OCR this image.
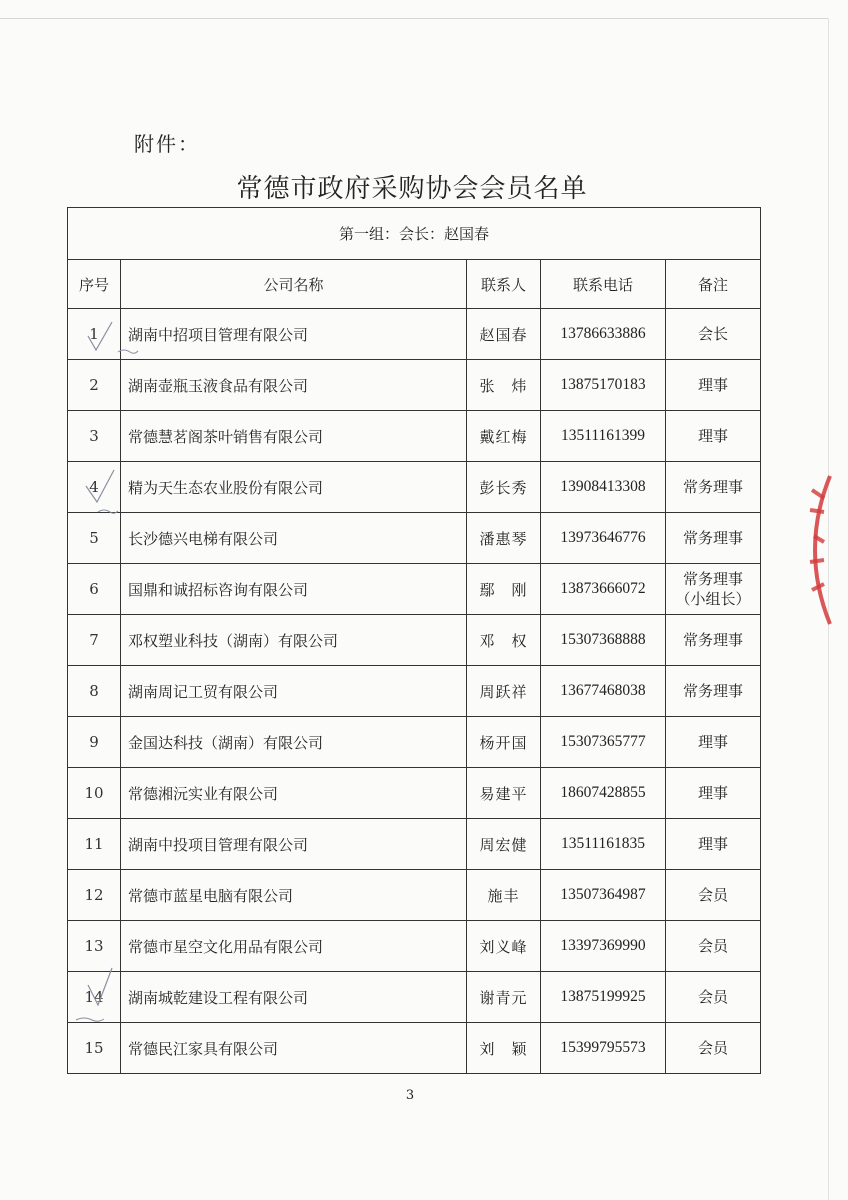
附件：
常德市政府采购协会会员名单
第一组：会长：赵国春				
序号	公司名称	联系人	联系电话	备注
1	湖南中招项目管理有限公司	赵国春	13786633886	会长

2	湖南壶瓶玉液食品有限公司	张　炜	13875170183	理事

3	常德慧茗阁茶叶销售有限公司	戴红梅	13511161399	理事

4	精为天生态农业股份有限公司	彭长秀	13908413308	常务理事

5	长沙德兴电梯有限公司	潘惠琴	13973646776	常务理事

6	国鼎和诚招标咨询有限公司	鄢　刚	13873666072	常务理事
（小组长）

7	邓权塑业科技（湖南）有限公司	邓　权	15307368888	常务理事

8	湖南周记工贸有限公司	周跃祥	13677468038	常务理事

9	金国达科技（湖南）有限公司	杨开国	15307365777	理事

10	常德湘沅实业有限公司	易建平	18607428855	理事

11	湖南中投项目管理有限公司	周宏健	13511161835	理事

12	常德市蓝星电脑有限公司	施丰	13507364987	会员

13	常德市星空文化用品有限公司	刘义峰	13397369990	会员

14	湖南城乾建设工程有限公司	谢青元	13875199925	会员

15	常德民江家具有限公司	刘　颖	15399795573	会员
3
